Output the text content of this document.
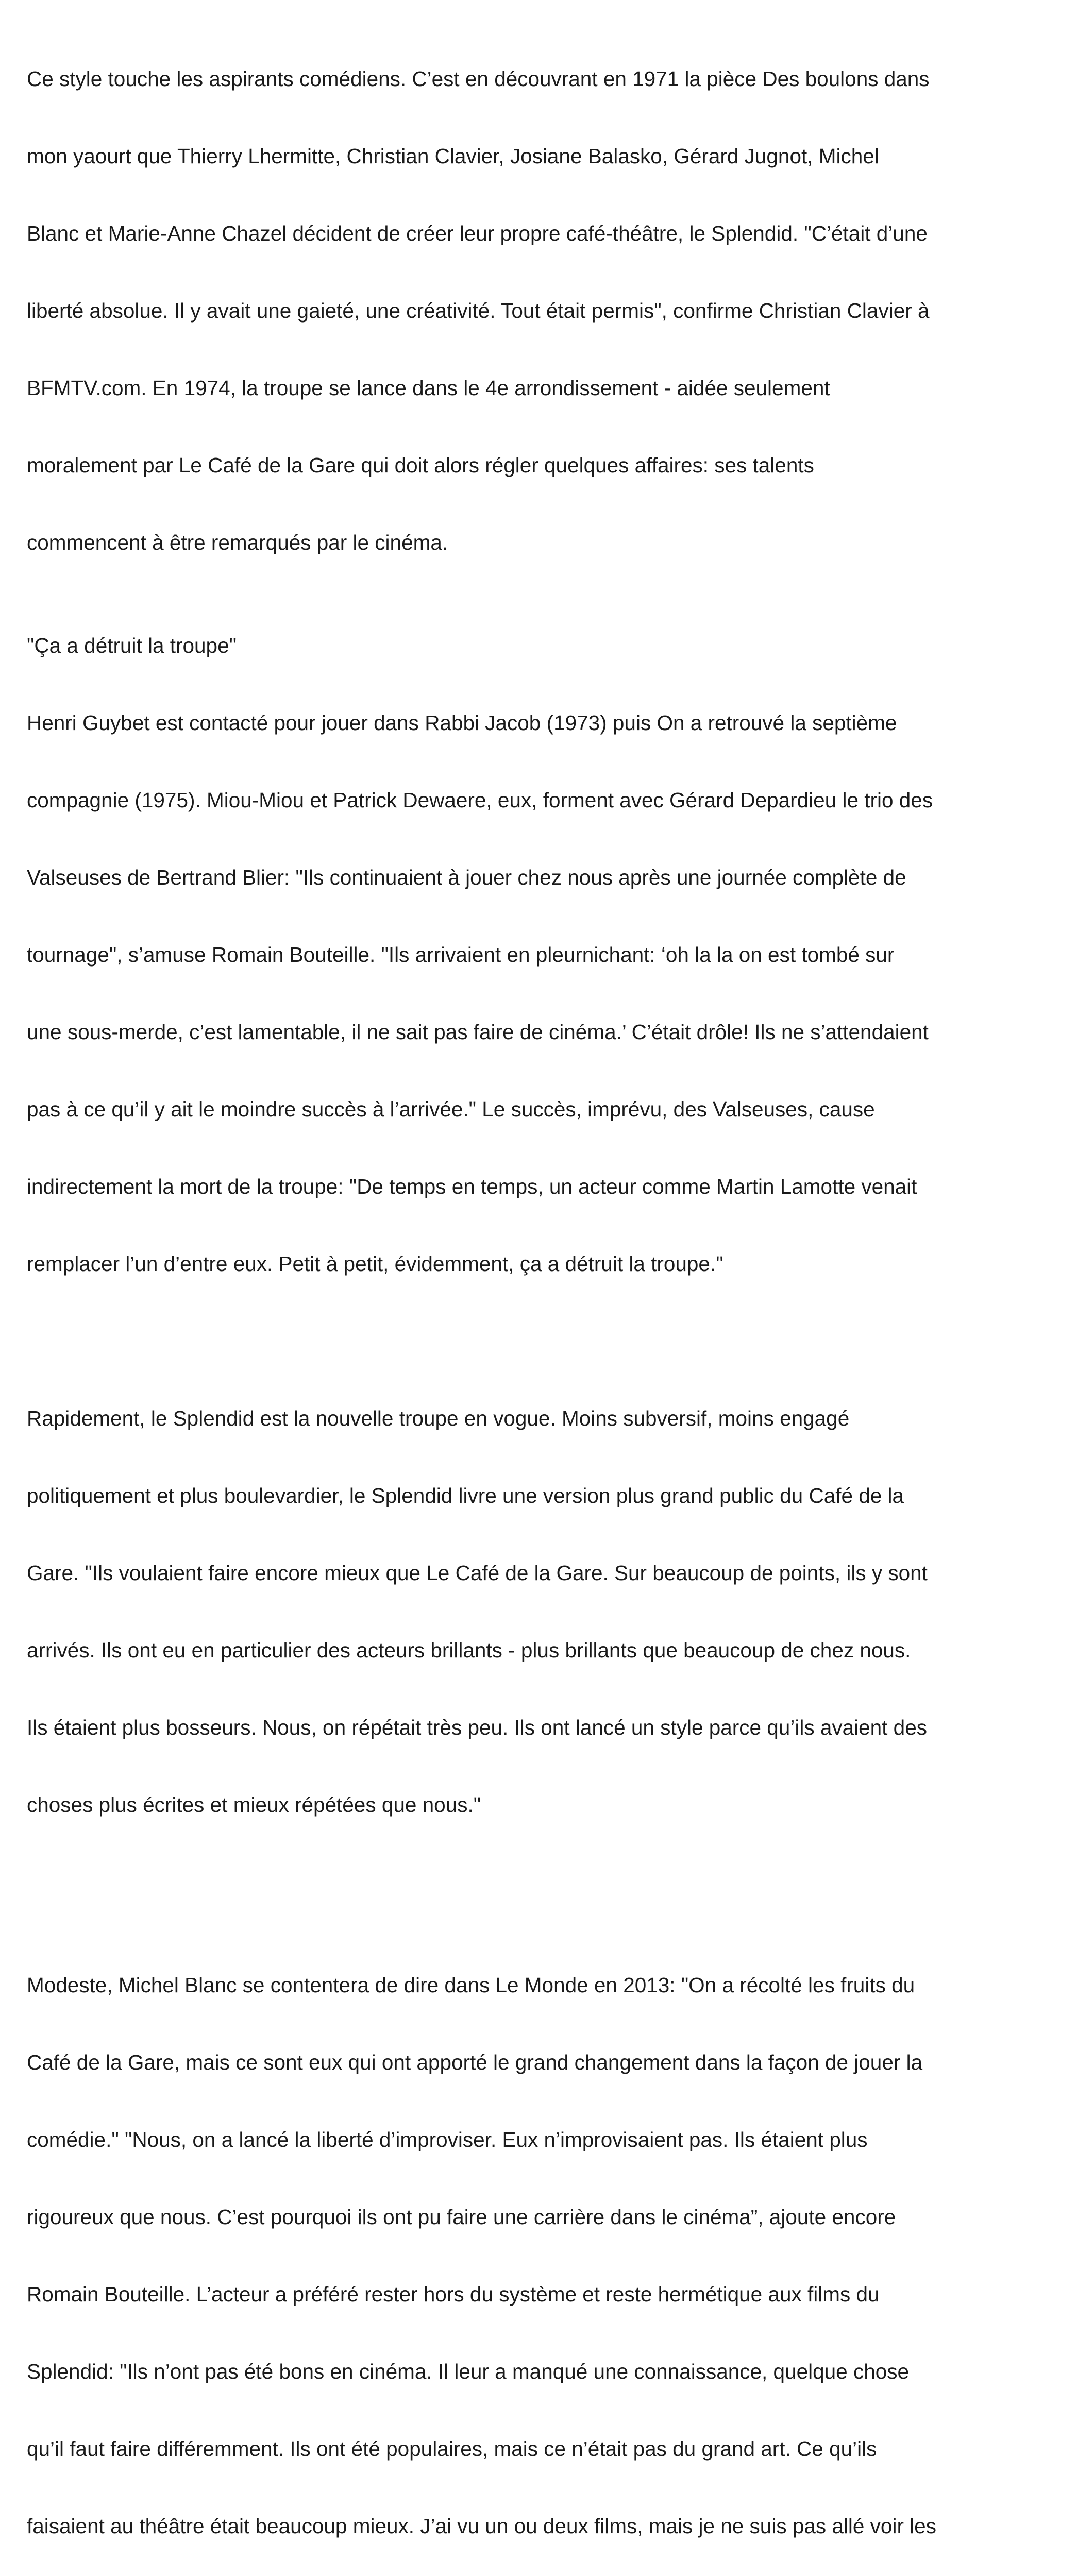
Ce style touche les aspirants comédiens. C’est en découvrant en 1971 la pièce Des boulons dans

mon yaourt que Thierry Lhermitte, Christian Clavier, Josiane Balasko, Gérard Jugnot, Michel

Blanc et Marie-Anne Chazel décident de créer leur propre café-théâtre, le Splendid. "C’était d’une

liberté absolue. Il y avait une gaieté, une créativité. Tout était permis", confirme Christian Clavier à

BFMTV.com. En 1974, la troupe se lance dans le 4e arrondissement - aidée seulement

moralement par Le Café de la Gare qui doit alors régler quelques affaires: ses talents

commencent à être remarqués par le cinéma.

"Ça a détruit la troupe"

Henri Guybet est contacté pour jouer dans Rabbi Jacob (1973) puis On a retrouvé la septième

compagnie (1975). Miou-Miou et Patrick Dewaere, eux, forment avec Gérard Depardieu le trio des

Valseuses de Bertrand Blier: "Ils continuaient à jouer chez nous après une journée complète de

tournage", s’amuse Romain Bouteille. "Ils arrivaient en pleurnichant: ‘oh la la on est tombé sur

une sous-merde, c’est lamentable, il ne sait pas faire de cinéma.’ C’était drôle! Ils ne s’attendaient

pas à ce qu’il y ait le moindre succès à l’arrivée." Le succès, imprévu, des Valseuses, cause

indirectement la mort de la troupe: "De temps en temps, un acteur comme Martin Lamotte venait

remplacer l’un d’entre eux. Petit à petit, évidemment, ça a détruit la troupe."

Rapidement, le Splendid est la nouvelle troupe en vogue. Moins subversif, moins engagé

politiquement et plus boulevardier, le Splendid livre une version plus grand public du Café de la

Gare. "Ils voulaient faire encore mieux que Le Café de la Gare. Sur beaucoup de points, ils y sont

arrivés. Ils ont eu en particulier des acteurs brillants - plus brillants que beaucoup de chez nous.

Ils étaient plus bosseurs. Nous, on répétait très peu. Ils ont lancé un style parce qu’ils avaient des

choses plus écrites et mieux répétées que nous."

Modeste, Michel Blanc se contentera de dire dans Le Monde en 2013: "On a récolté les fruits du

Café de la Gare, mais ce sont eux qui ont apporté le grand changement dans la façon de jouer la

comédie." "Nous, on a lancé la liberté d’improviser. Eux n’improvisaient pas. Ils étaient plus

rigoureux que nous. C’est pourquoi ils ont pu faire une carrière dans le cinéma”, ajoute encore

Romain Bouteille. L’acteur a préféré rester hors du système et reste hermétique aux films du

Splendid: "Ils n’ont pas été bons en cinéma. Il leur a manqué une connaissance, quelque chose

qu’il faut faire différemment. Ils ont été populaires, mais ce n’était pas du grand art. Ce qu’ils

faisaient au théâtre était beaucoup mieux. J’ai vu un ou deux films, mais je ne suis pas allé voir les
